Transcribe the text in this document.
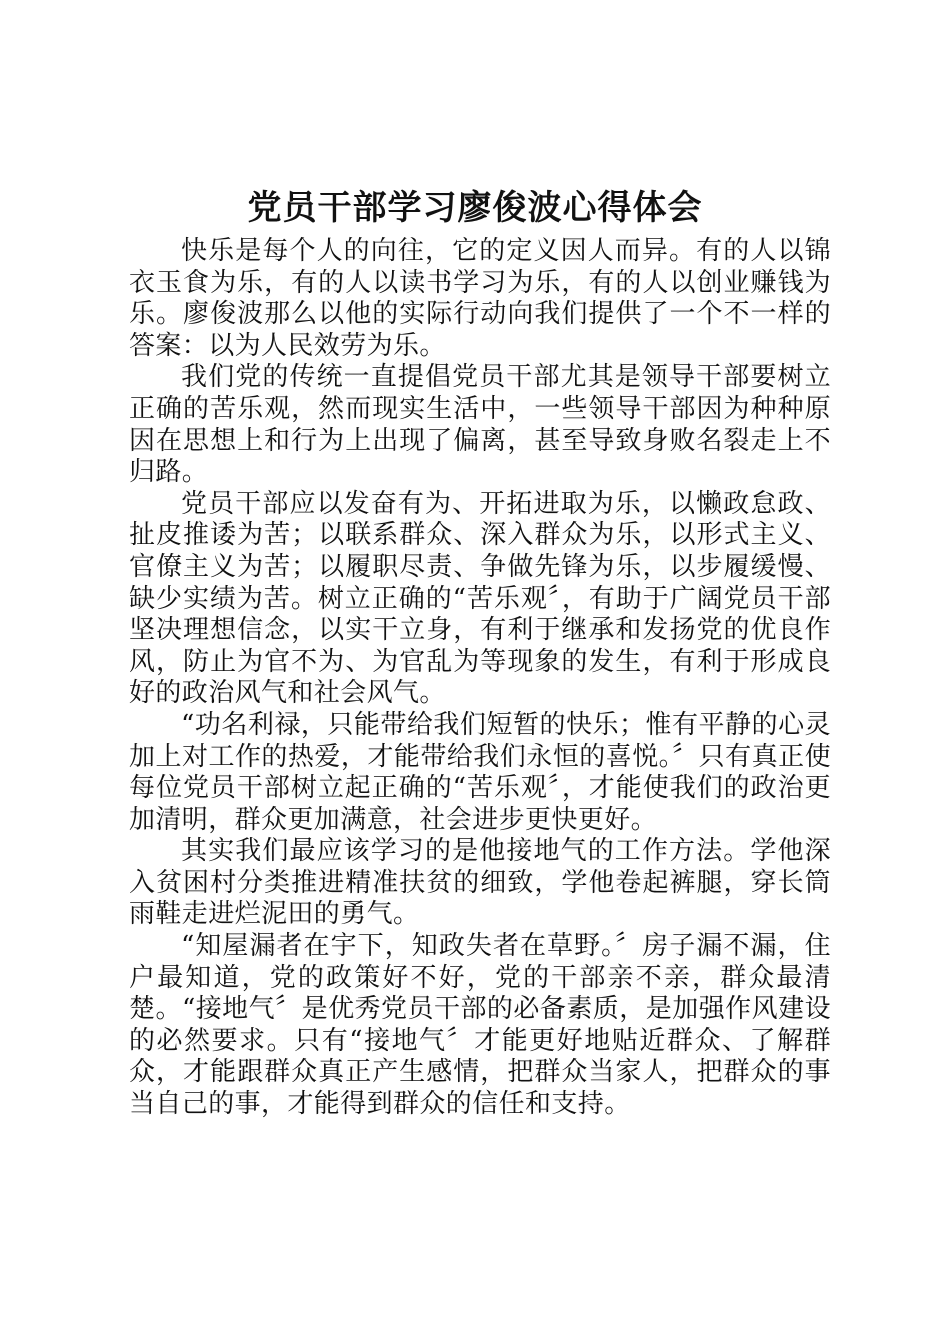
党员干部学习廖俊波心得体会

快乐是每个人的向往，它的定义因人而异。有的人以锦衣玉食为乐，有的人以读书学习为乐，有的人以创业赚钱为乐。廖俊波那么以他的实际行动向我们提供了一个不一样的答案：以为人民效劳为乐。

我们党的传统一直提倡党员干部尤其是领导干部要树立正确的苦乐观，然而现实生活中，一些领导干部因为种种原因在思想上和行为上出现了偏离，甚至导致身败名裂走上不归路。

党员干部应以发奋有为、开拓进取为乐，以懒政怠政、扯皮推诿为苦；以联系群众、深入群众为乐，以形式主义、官僚主义为苦；以履职尽责、争做先锋为乐，以步履缓慢、缺少实绩为苦。树立正确的“苦乐观〞，有助于广阔党员干部坚决理想信念，以实干立身，有利于继承和发扬党的优良作风，防止为官不为、为官乱为等现象的发生，有利于形成良好的政治风气和社会风气。

“功名利禄，只能带给我们短暂的快乐；惟有平静的心灵加上对工作的热爱，才能带给我们永恒的喜悦。〞只有真正使每位党员干部树立起正确的“苦乐观〞，才能使我们的政治更加清明，群众更加满意，社会进步更快更好。

其实我们最应该学习的是他接地气的工作方法。学他深入贫困村分类推进精准扶贫的细致，学他卷起裤腿，穿长筒雨鞋走进烂泥田的勇气。

“知屋漏者在宇下，知政失者在草野。〞房子漏不漏，住户最知道，党的政策好不好，党的干部亲不亲，群众最清楚。“接地气〞是优秀党员干部的必备素质，是加强作风建设的必然要求。只有“接地气〞才能更好地贴近群众、了解群众，才能跟群众真正产生感情，把群众当家人，把群众的事当自己的事，才能得到群众的信任和支持。
